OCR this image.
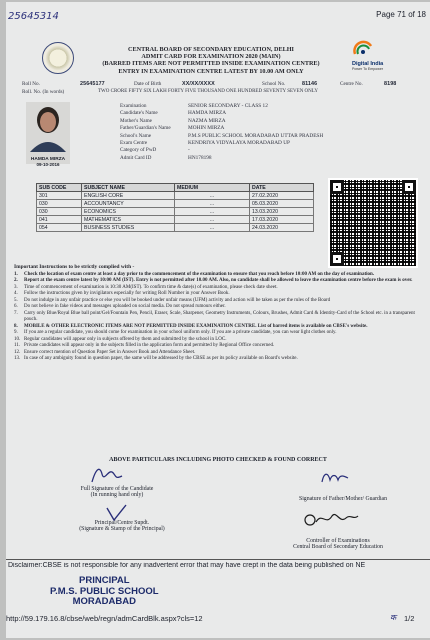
25645314	Page 71 of 18
Digital India
Power To Empower
CENTRAL BOARD OF SECONDARY EDUCATION, DELHI
ADMIT CARD FOR EXAMINATION 2020 (MAIN)
(BARRED ITEMS ARE NOT PERMITTED INSIDE EXAMINATION CENTRE)
ENTRY IN EXAMINATION CENTRE LATEST BY 10.00 AM ONLY
Roll No.	25645177	Date of Birth	XX/XX/XXXX	School No.	81146	Centre No.	8198
Roll. No. (In words)	TWO CRORE FIFTY SIX LAKH FORTY FIVE THOUSAND ONE HUNDRED SEVENTY SEVEN ONLY
HAMDA MIRZA
09-10-2016
Examination	SENIOR SECONDARY - CLASS 12
Candidate's Name	HAMDA MIRZA
Mother's Name	NAZMA MIRZA
Father/Guardian's Name	MOHIN MIRZA
School's Name	P.M.S PUBLIC SCHOOL MORADABAD UTTAR PRADESH
Exam Centre	KENDRIYA VIDYALAYA MORADABAD UP
Category of PwD	-
Admit Card ID	HN178198
SUB CODE	SUBJECT NAME	MEDIUM	DATE
301	ENGLISH CORE	...	27.02.2020
030	ACCOUNTANCY	...	05.03.2020
030	ECONOMICS	...	13.03.2020
041	MATHEMATICS	...	17.03.2020
054	BUSINESS STUDIES	...	24.03.2020
Important Instructions to be strictly complied with -
1.	Check the location of exam centre at least a day prior to the commencement of the examination to ensure that you reach before 10:00 AM on the day of examination.
2.	Report at the exam centre latest by 10:00 AM (IST). Entry is not permitted after 10.00 AM. Also, no candidate shall be allowed to leave the examination centre before the exam is over.
3.	Time of commencement of examination is 10:30 AM(IST). To confirm time & date(s) of examination, please check date sheet.
4.	Follow the instructions given by invigilators especially for writing Roll Number in your Answer Book.
5.	Do not indulge in any unfair practice or else you will be booked under unfair means (UFM) activity and action will be taken as per the rules of the Board
6.	Do not believe in fake videos and messages uploaded on social media. Do not spread rumours either.
7.	Carry only Blue/Royal Blue ball point/Gel/Fountain Pen, Pencil, Eraser, Scale, Sharpener, Geometry Instruments, Colours, Brushes, Admit Card & Identity-Card of the School etc. in a transparent pouch.
8.	MOBILE & OTHER ELECTRONIC ITEMS ARE NOT PERMITTED INSIDE EXAMINATION CENTRE. List of barred items is available on CBSE's website.
9.	If you are a regular candidate, you should come for examination in your school uniform only. If you are a private candidate, you can wear light clothes only.
10. Regular candidates will appear only in subjects offered by them and submitted by the school in LOC.
11. Private candidates will appear only in the subjects filled in the application form and permitted by Regional Office concerned.
12. Ensure correct mention of Question Paper Set in Answer Book and Attendance Sheet.
13. In case of any ambiguity found in question paper, the same will be addressed by the CBSE as per its policy available on Board's website.
ABOVE PARTICULARS INCLUDING PHOTO CHECKED & FOUND CORRECT
Full Signature of the Candidate
(In running hand only)
Signature of Father/Mother/ Guardian
Principal/Centre Supdt.
(Signature & Stamp of the Principal)
Controller of Examinations
Central Board of Secondary Education
Disclaimer:CBSE is not responsible for any inadvertent error that may have crept in the data being published on NE
PRINCIPAL
P.M.S. PUBLIC SCHOOL
MORADABAD
http://59.179.16.8/cbse/web/regn/admCardBlk.aspx?cls=12	क 1/2
